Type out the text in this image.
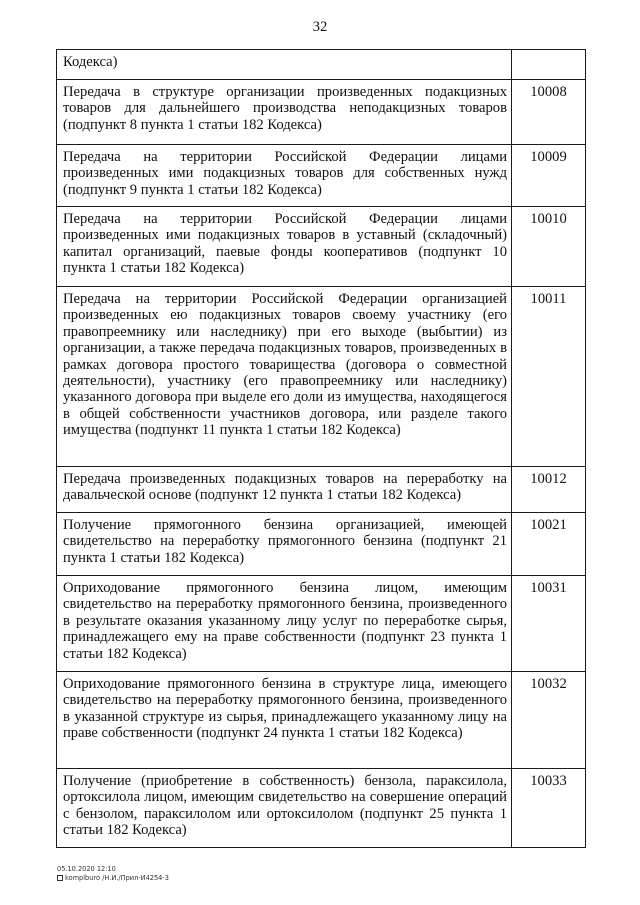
32
Кодекса)	
Передача в структуре организации произведенных подакцизных товаров для дальнейшего производства неподакцизных товаров (подпункт 8 пункта 1 статьи 182 Кодекса)	10008
Передача на территории Российской Федерации лицами произведенных ими подакцизных товаров для собственных нужд (подпункт 9 пункта 1 статьи 182 Кодекса)	10009
Передача на территории Российской Федерации лицами произведенных ими подакцизных товаров в уставный (складочный) капитал организаций, паевые фонды кооперативов (подпункт 10 пункта 1 статьи 182 Кодекса)	10010
Передача на территории Российской Федерации организацией произведенных ею подакцизных товаров своему участнику (его правопреемнику или наследнику) при его выходе (выбытии) из организации, а также передача подакцизных товаров, произведенных в рамках договора простого товарищества (договора о совместной деятельности), участнику (его правопреемнику или наследнику) указанного договора при выделе его доли из имущества, находящегося в общей собственности участников договора, или разделе такого имущества (подпункт 11 пункта 1 статьи 182 Кодекса)	10011
Передача произведенных подакцизных товаров на переработку на давальческой основе (подпункт 12 пункта 1 статьи 182 Кодекса)	10012
Получение прямогонного бензина организацией, имеющей свидетельство на переработку прямогонного бензина (подпункт 21 пункта 1 статьи 182 Кодекса)	10021
Оприходование прямогонного бензина лицом, имеющим свидетельство на переработку прямогонного бензина, произведенного в результате оказания указанному лицу услуг по переработке сырья, принадлежащего ему на праве собственности (подпункт 23 пункта 1 статьи 182 Кодекса)	10031
Оприходование прямогонного бензина в структуре лица, имеющего свидетельство на переработку прямогонного бензина, произведенного в указанной структуре из сырья, принадлежащего указанному лицу на праве собственности (подпункт 24 пункта 1 статьи 182 Кодекса)	10032
Получение (приобретение в собственность) бензола, параксилола, ортоксилола лицом, имеющим свидетельство на совершение операций с бензолом, параксилолом или ортоксилолом (подпункт 25 пункта 1 статьи 182 Кодекса)	10033
05.10.2020 12:10
komplburo /Н.И./Прил-И4254-3
